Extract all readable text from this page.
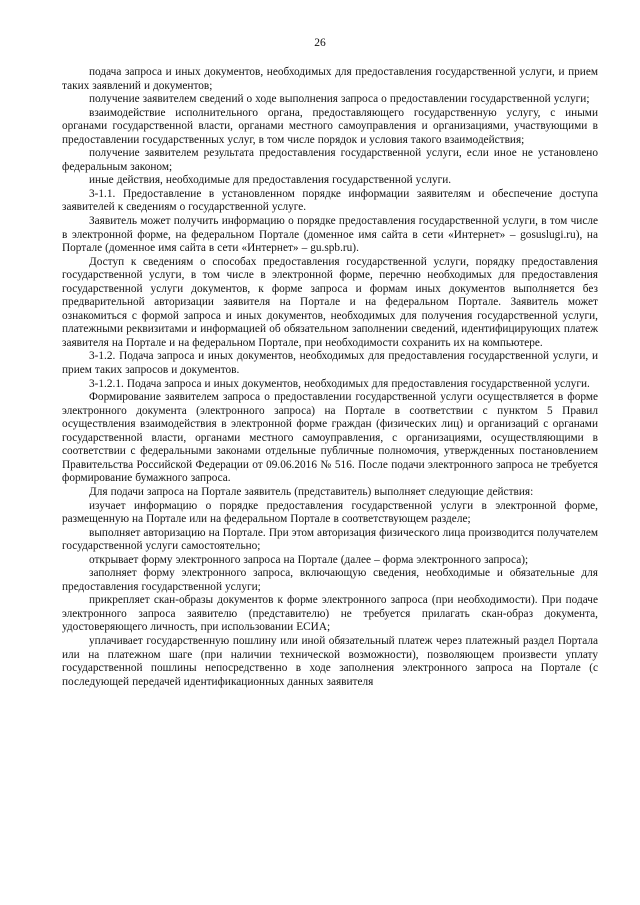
26

подача запроса и иных документов, необходимых для предоставления государственной услуги, и прием таких заявлений и документов;

получение заявителем сведений о ходе выполнения запроса о предоставлении государственной услуги;

взаимодействие исполнительного органа, предоставляющего государственную услугу, с иными органами государственной власти, органами местного самоуправления и организациями, участвующими в предоставлении государственных услуг, в том числе порядок и условия такого взаимодействия;

получение заявителем результата предоставления государственной услуги, если иное не установлено федеральным законом;

иные действия, необходимые для предоставления государственной услуги.

3-1.1. Предоставление в установленном порядке информации заявителям и обеспечение доступа заявителей к сведениям о государственной услуге.

Заявитель может получить информацию о порядке предоставления государственной услуги, в том числе в электронной форме, на федеральном Портале (доменное имя сайта в сети «Интернет» – gosuslugi.ru), на Портале (доменное имя сайта в сети «Интернет» – gu.spb.ru).

Доступ к сведениям о способах предоставления государственной услуги, порядку предоставления государственной услуги, в том числе в электронной форме, перечню необходимых для предоставления государственной услуги документов, к форме запроса и формам иных документов выполняется без предварительной авторизации заявителя на Портале и на федеральном Портале. Заявитель может ознакомиться с формой запроса и иных документов, необходимых для получения государственной услуги, платежными реквизитами и информацией об обязательном заполнении сведений, идентифицирующих платеж заявителя на Портале и на федеральном Портале, при необходимости сохранить их на компьютере.

3-1.2. Подача запроса и иных документов, необходимых для предоставления государственной услуги, и прием таких запросов и документов.

3-1.2.1. Подача запроса и иных документов, необходимых для предоставления государственной услуги.

Формирование заявителем запроса о предоставлении государственной услуги осуществляется в форме электронного документа (электронного запроса) на Портале в соответствии с пунктом 5 Правил осуществления взаимодействия в электронной форме граждан (физических лиц) и организаций с органами государственной власти, органами местного самоуправления, с организациями, осуществляющими в соответствии с федеральными законами отдельные публичные полномочия, утвержденных постановлением Правительства Российской Федерации от 09.06.2016 № 516. После подачи электронного запроса не требуется формирование бумажного запроса.

Для подачи запроса на Портале заявитель (представитель) выполняет следующие действия:

изучает информацию о порядке предоставления государственной услуги в электронной форме, размещенную на Портале или на федеральном Портале в соответствующем разделе;

выполняет авторизацию на Портале. При этом авторизация физического лица производится получателем государственной услуги самостоятельно;

открывает форму электронного запроса на Портале (далее – форма электронного запроса);

заполняет форму электронного запроса, включающую сведения, необходимые и обязательные для предоставления государственной услуги;

прикрепляет скан-образы документов к форме электронного запроса (при необходимости). При подаче электронного запроса заявителю (представителю) не требуется прилагать скан-образ документа, удостоверяющего личность, при использовании ЕСИА;

уплачивает государственную пошлину или иной обязательный платеж через платежный раздел Портала или на платежном шаге (при наличии технической возможности), позволяющем произвести уплату государственной пошлины непосредственно в ходе заполнения электронного запроса на Портале (с последующей передачей идентификационных данных заявителя
